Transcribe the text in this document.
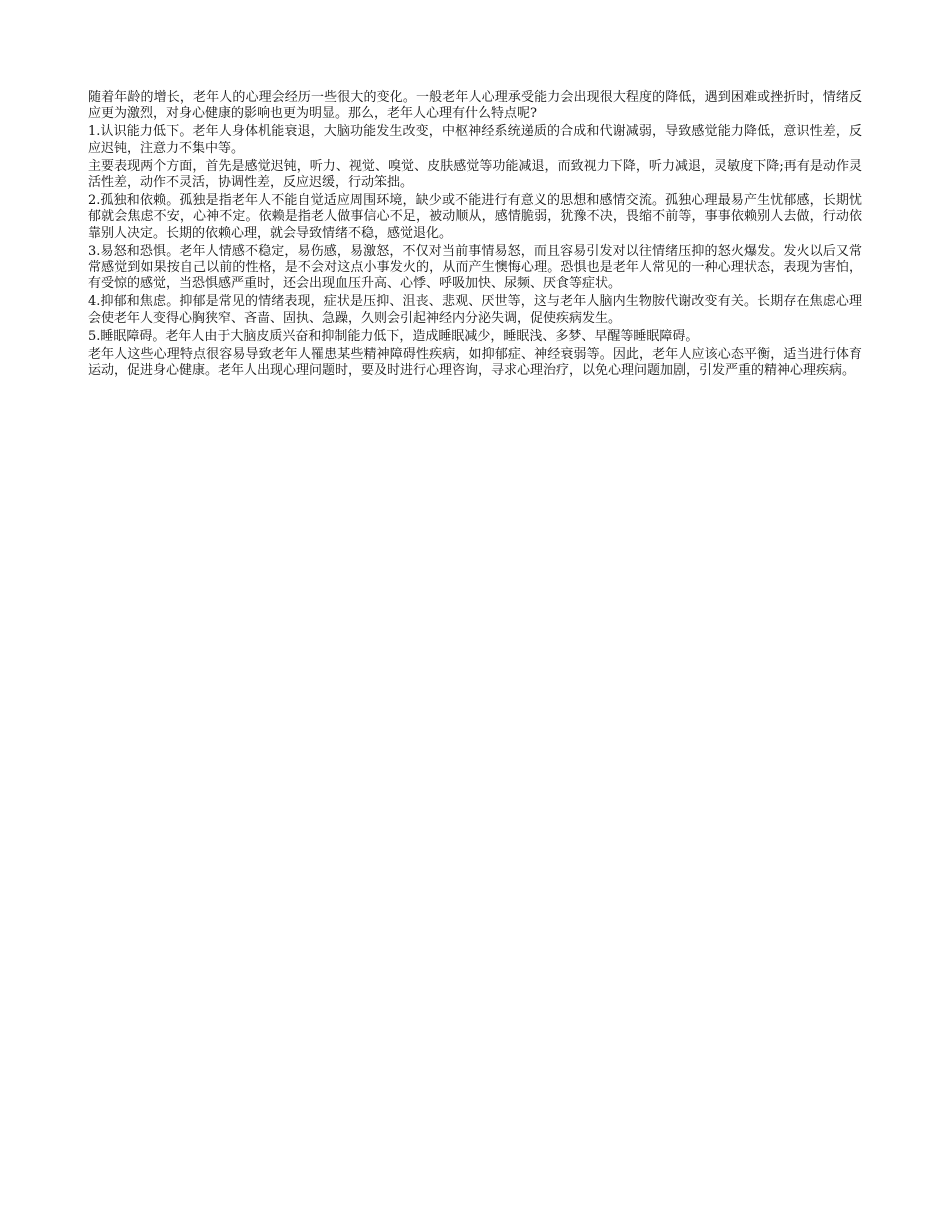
随着年龄的增长，老年人的心理会经历一些很大的变化。一般老年人心理承受能力会出现很大程度的降低，遇到困难或挫折时，情绪反应更为激烈，对身心健康的影响也更为明显。那么，老年人心理有什么特点呢?

1.认识能力低下。老年人身体机能衰退，大脑功能发生改变，中枢神经系统递质的合成和代谢减弱，导致感觉能力降低，意识性差，反应迟钝，注意力不集中等。

主要表现两个方面，首先是感觉迟钝，听力、视觉、嗅觉、皮肤感觉等功能减退，而致视力下降，听力减退，灵敏度下降;再有是动作灵活性差，动作不灵活，协调性差，反应迟缓，行动笨拙。

2.孤独和依赖。孤独是指老年人不能自觉适应周围环境，缺少或不能进行有意义的思想和感情交流。孤独心理最易产生忧郁感，长期忧郁就会焦虑不安，心神不定。依赖是指老人做事信心不足，被动顺从，感情脆弱，犹豫不决，畏缩不前等，事事依赖别人去做，行动依靠别人决定。长期的依赖心理，就会导致情绪不稳，感觉退化。

3.易怒和恐惧。老年人情感不稳定，易伤感，易激怒，不仅对当前事情易怒，而且容易引发对以往情绪压抑的怒火爆发。发火以后又常常感觉到如果按自己以前的性格，是不会对这点小事发火的，从而产生懊悔心理。恐惧也是老年人常见的一种心理状态，表现为害怕，有受惊的感觉，当恐惧感严重时，还会出现血压升高、心悸、呼吸加快、尿频、厌食等症状。

4.抑郁和焦虑。抑郁是常见的情绪表现，症状是压抑、沮丧、悲观、厌世等，这与老年人脑内生物胺代谢改变有关。长期存在焦虑心理会使老年人变得心胸狭窄、吝啬、固执、急躁，久则会引起神经内分泌失调，促使疾病发生。

5.睡眠障碍。老年人由于大脑皮质兴奋和抑制能力低下，造成睡眠减少，睡眠浅、多梦、早醒等睡眠障碍。

老年人这些心理特点很容易导致老年人罹患某些精神障碍性疾病，如抑郁症、神经衰弱等。因此，老年人应该心态平衡，适当进行体育运动，促进身心健康。老年人出现心理问题时，要及时进行心理咨询，寻求心理治疗，以免心理问题加剧，引发严重的精神心理疾病。
